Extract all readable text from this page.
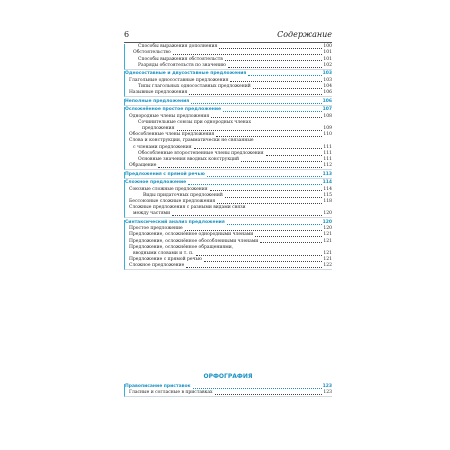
6	Содержание
Способы выражения дополнения	100
Обстоятельство	101
Способы выражения обстоятельств	101
Разряды обстоятельств по значению	102
Односоставные и двусоставные предложения	103
Глагольные односоставные предложения	103
Типы глагольных односоставных предложений	104
Назывные предложения	106
Неполные предложения	106
Осложнённое простое предложение	107
Однородные члены предложения	108
Сочинительные союзы при однородных членах
предложения	109
Обособленные члены предложения	110
Слова и конструкции, грамматически не связанные
с членами предложения	111
Обособленные второстепенные члены предложения	111
Основные значения вводных конструкций	111
Обращение	112
Предложения с прямой речью	113
Сложное предложение	114
Союзные сложные предложения	114
Виды придаточных предложений	115
Бессоюзные сложные предложения	118
Сложные предложения с разными видами связи
между частями	120
Синтаксический анализ предложения	120
Простое предложение	120
Предложение, осложнённое однородными членами	121
Предложение, осложнённое обособленными членами	121
Предложение, осложнённое обращениями,
вводными словами и т. п.	121
Предложение с прямой речью	121
Сложное предложение	122
ОРФОГРАФИЯ
Правописание приставок	123
Гласные и согласные в приставках	123
